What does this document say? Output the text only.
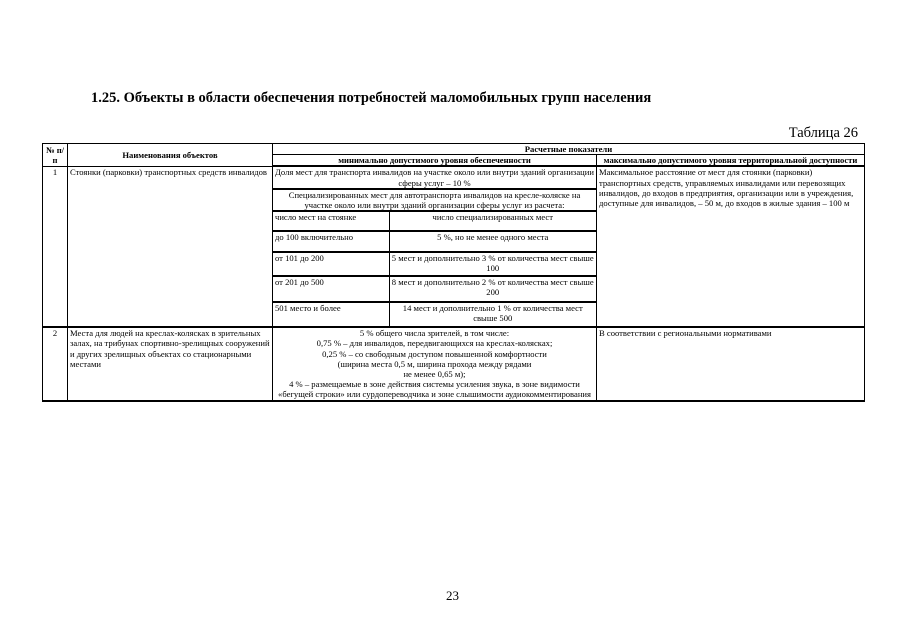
1.25. Объекты в области обеспечения потребностей маломобильных групп населения
Таблица 26
№ п/п	Наименования объектов	Расчетные показатели
минимально допустимого уровня обеспеченности	максимально допустимого уровня территориальной доступности
1	Стоянки (парковки) транспортных средств инвалидов	Доля мест для транспорта инвалидов на участке около или внутри зданий организации сферы услуг – 10 %
Специализированных мест для автотранспорта инвалидов на кресле-коляске на участке около или внутри зданий организации сферы услуг из расчета:
число мест на стоянке	число специализированных мест
до 100 включительно	5 %, но не менее одного места
от 101 до 200	5 мест и дополнительно 3 % от количества мест свыше 100
от 201 до 500	8 мест и дополнительно 2 % от количества мест свыше 200
501 место и более	14 мест и дополнительно 1 % от количества мест свыше 500
	Максимальное расстояние от мест для стоянки (парковки) транспортных средств, управляемых инвалидами или перевозящих инвалидов, до входов в предприятия, организации или в учреждения, доступные для инвалидов, – 50 м, до входов в жилые здания – 100 м
2	Места для людей на креслах-колясках в зрительных залах, на трибунах спортивно-зрелищных сооружений и других зрелищных объектах со стационарными местами	
5 % общего числа зрителей, в том числе:
0,75 % – для инвалидов, передвигающихся на креслах-колясках;
0,25 % – со свободным доступом повышенной комфортности
(ширина места 0,5 м, ширина прохода между рядами
не менее 0,65 м);
4 % – размещаемые в зоне действия системы усиления звука, в зоне видимости «бегущей строки» или сурдопереводчика и зоне слышимости аудиокомментирования
	В соответствии с региональными нормативами
23
